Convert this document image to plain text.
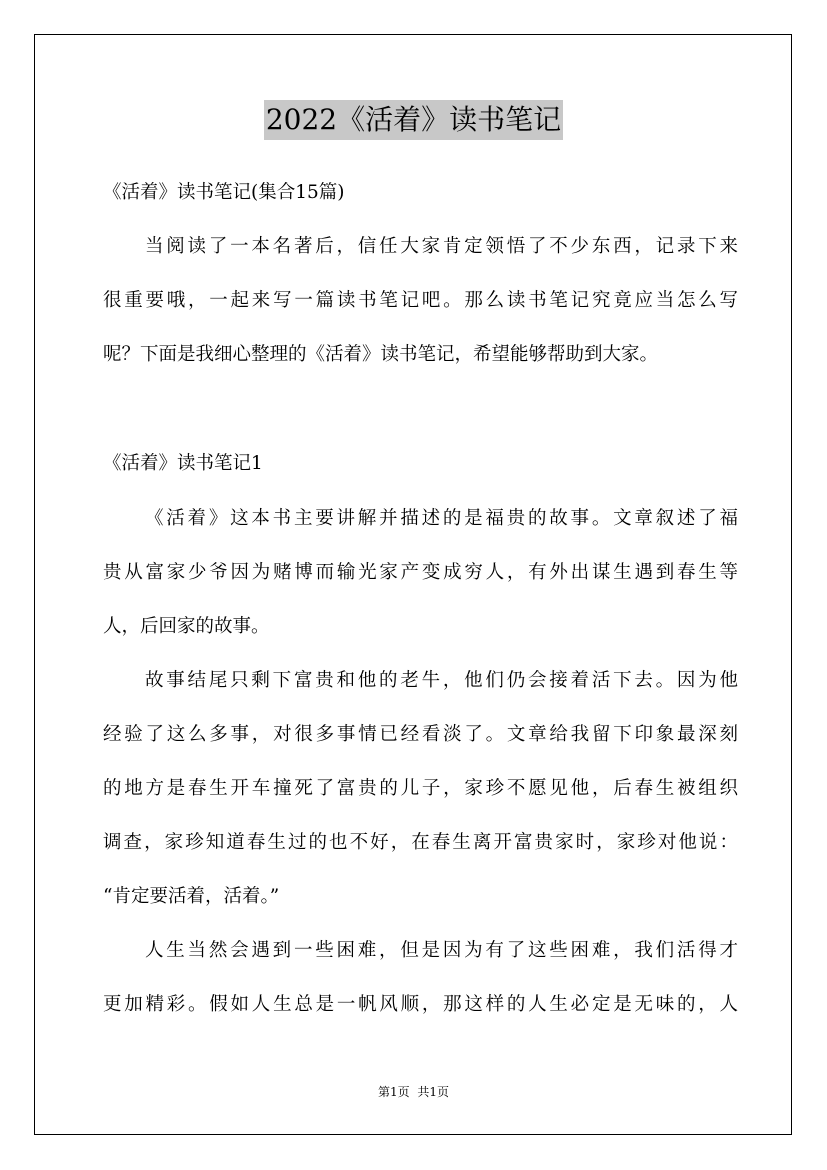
2022《活着》读书笔记
《活着》读书笔记(集合15篇)
当阅读了一本名著后，信任大家肯定领悟了不少东西，记录下来
很重要哦，一起来写一篇读书笔记吧。那么读书笔记究竟应当怎么写
呢？下面是我细心整理的《活着》读书笔记，希望能够帮助到大家。
《活着》读书笔记1
《活着》这本书主要讲解并描述的是福贵的故事。文章叙述了福
贵从富家少爷因为赌博而输光家产变成穷人，有外出谋生遇到春生等
人，后回家的故事。
故事结尾只剩下富贵和他的老牛，他们仍会接着活下去。因为他
经验了这么多事，对很多事情已经看淡了。文章给我留下印象最深刻
的地方是春生开车撞死了富贵的儿子，家珍不愿见他，后春生被组织
调查，家珍知道春生过的也不好，在春生离开富贵家时，家珍对他说：
“肯定要活着，活着。”
人生当然会遇到一些困难，但是因为有了这些困难，我们活得才
更加精彩。假如人生总是一帆风顺，那这样的人生必定是无味的，人
第1页 共1页
